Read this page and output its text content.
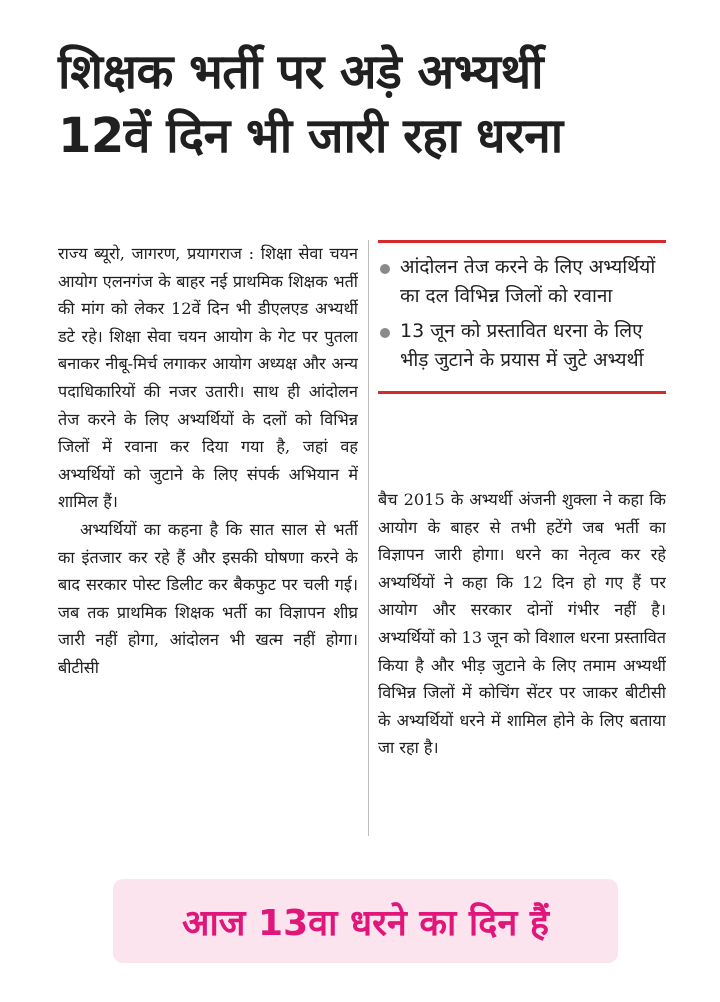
शिक्षक भर्ती पर अड़े अभ्यर्थी
12वें दिन भी जारी रहा धरना

राज्य ब्यूरो, जागरण, प्रयागराज : शिक्षा सेवा चयन आयोग एलनगंज के बाहर नई प्राथमिक शिक्षक भर्ती की मांग को लेकर 12वें दिन भी डीएलएड अभ्यर्थी डटे रहे। शिक्षा सेवा चयन आयोग के गेट पर पुतला बनाकर नीबू-मिर्च लगाकर आयोग अध्यक्ष और अन्य पदाधिकारियों की नजर उतारी। साथ ही आंदोलन तेज करने के लिए अभ्यर्थियों के दलों को विभिन्न जिलों में रवाना कर दिया गया है, जहां वह अभ्यर्थियों को जुटाने के लिए संपर्क अभियान में शामिल हैं।

अभ्यर्थियों का कहना है कि सात साल से भर्ती का इंतजार कर रहे हैं और इसकी घोषणा करने के बाद सरकार पोस्ट डिलीट कर बैकफुट पर चली गई। जब तक प्राथमिक शिक्षक भर्ती का विज्ञापन शीघ्र जारी नहीं होगा, आंदोलन भी खत्म नहीं होगा। बीटीसी

आंदोलन तेज करने के लिए अभ्यर्थियों का दल विभिन्न जिलों को रवाना
13 जून को प्रस्तावित धरना के लिए भीड़ जुटाने के प्रयास में जुटे अभ्यर्थी

बैच 2015 के अभ्यर्थी अंजनी शुक्ला ने कहा कि आयोग के बाहर से तभी हटेंगे जब भर्ती का विज्ञापन जारी होगा। धरने का नेतृत्व कर रहे अभ्यर्थियों ने कहा कि 12 दिन हो गए हैं पर आयोग और सरकार दोनों गंभीर नहीं है। अभ्यर्थियों को 13 जून को विशाल धरना प्रस्तावित किया है और भीड़ जुटाने के लिए तमाम अभ्यर्थी विभिन्न जिलों में कोचिंग सेंटर पर जाकर बीटीसी के अभ्यर्थियों धरने में शामिल होने के लिए बताया जा रहा है।

आज 13वा धरने का दिन हैं
